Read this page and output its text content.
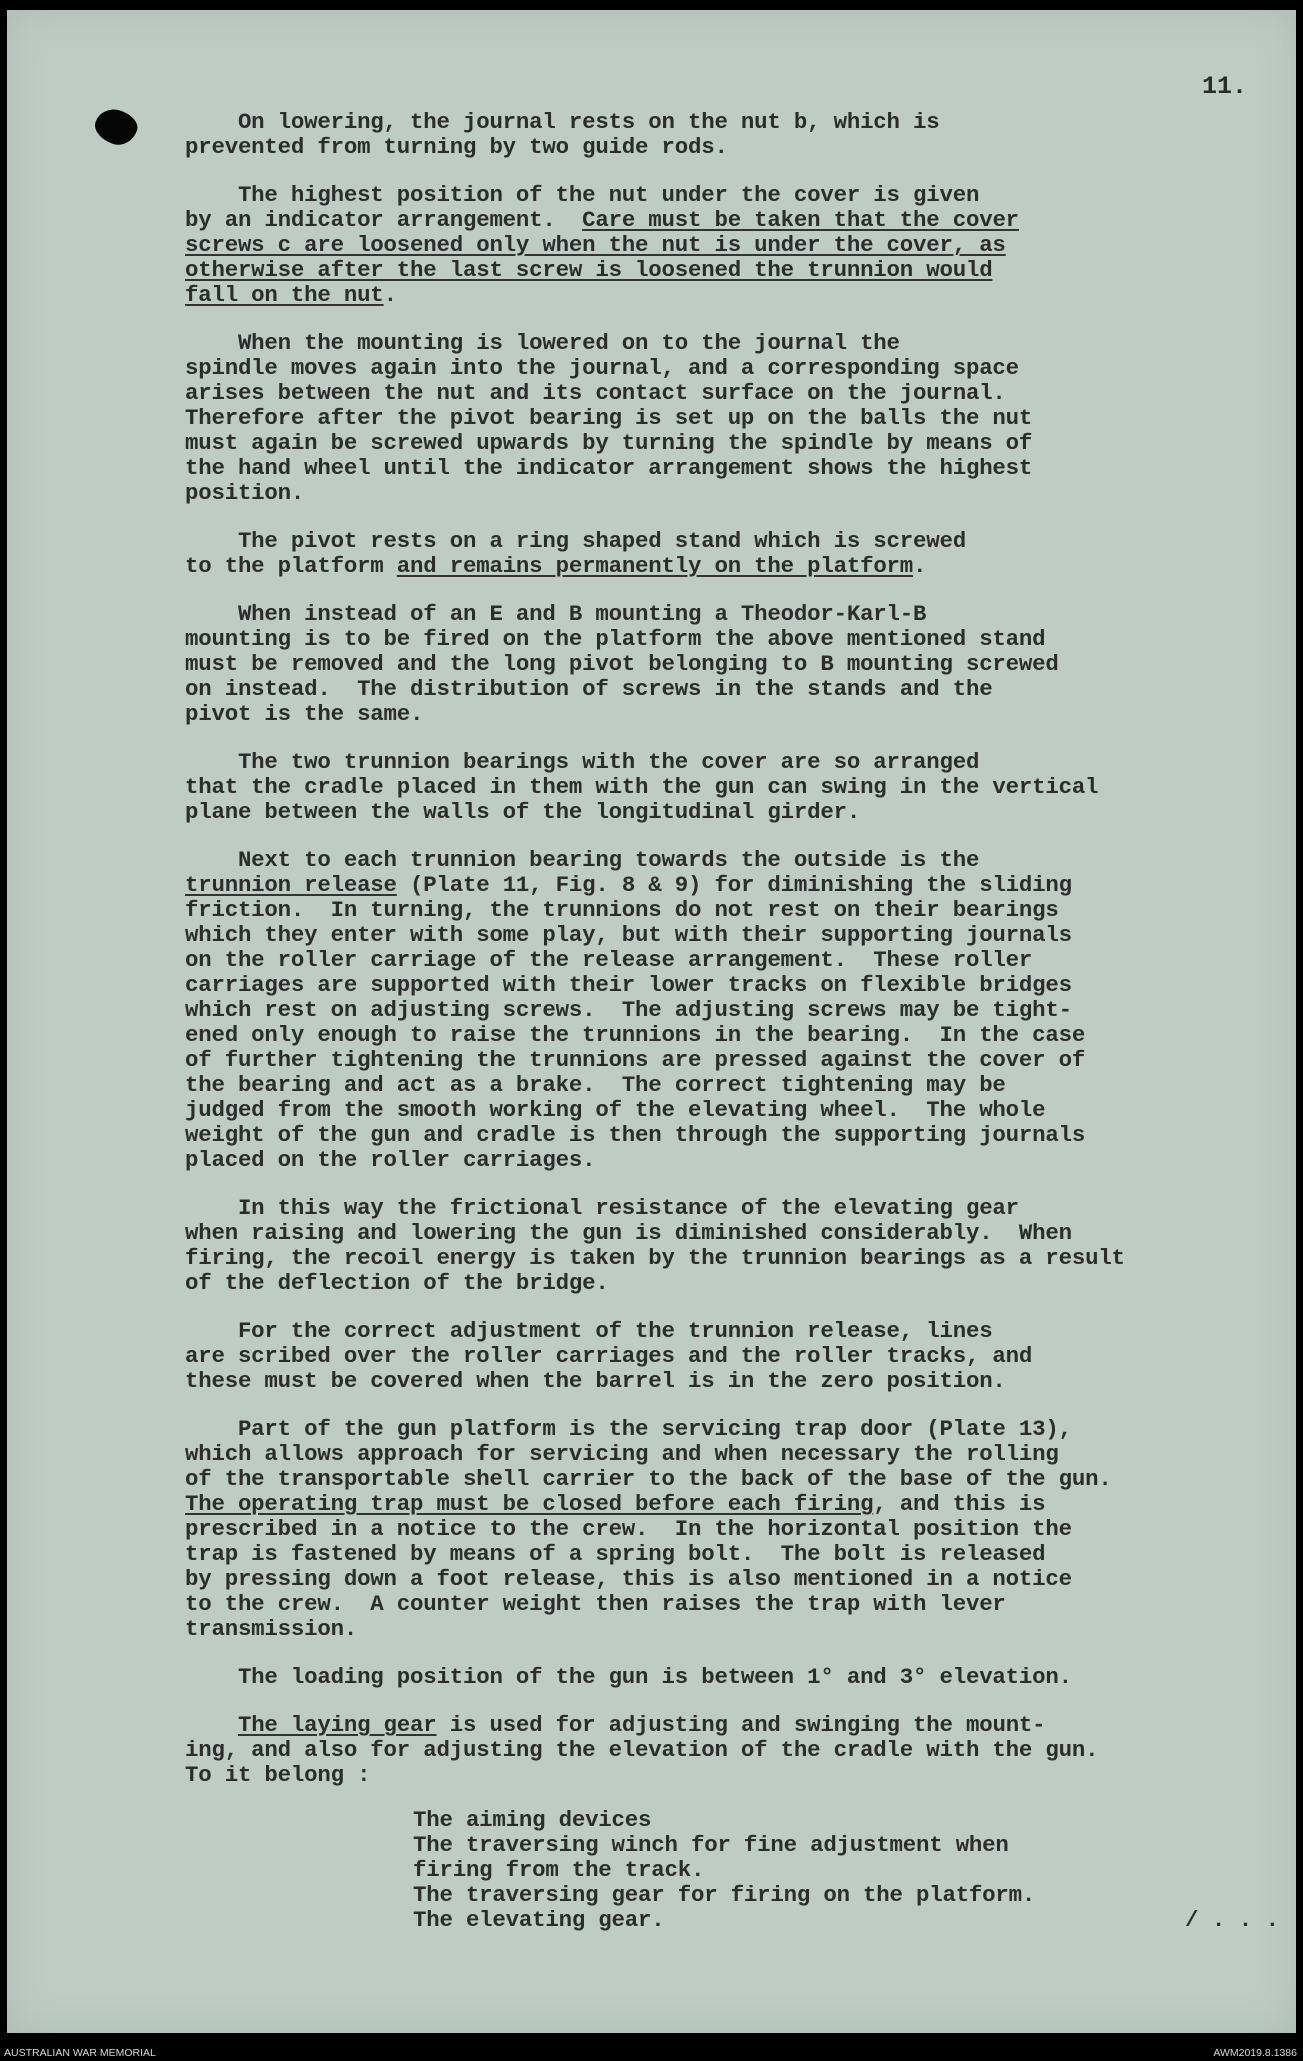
11.
On lowering, the journal rests on the nut b, which is
prevented from turning by two guide rods.
The highest position of the nut under the cover is given
by an indicator arrangement.  Care must be taken that the cover
screws c are loosened only when the nut is under the cover, as
otherwise after the last screw is loosened the trunnion would
fall on the nut.
When the mounting is lowered on to the journal the
spindle moves again into the journal, and a corresponding space
arises between the nut and its contact surface on the journal.
Therefore after the pivot bearing is set up on the balls the nut
must again be screwed upwards by turning the spindle by means of
the hand wheel until the indicator arrangement shows the highest
position.
The pivot rests on a ring shaped stand which is screwed
to the platform and remains permanently on the platform.
When instead of an E and B mounting a Theodor-Karl-B
mounting is to be fired on the platform the above mentioned stand
must be removed and the long pivot belonging to B mounting screwed
on instead.  The distribution of screws in the stands and the
pivot is the same.
The two trunnion bearings with the cover are so arranged
that the cradle placed in them with the gun can swing in the vertical
plane between the walls of the longitudinal girder.
Next to each trunnion bearing towards the outside is the
trunnion release (Plate 11, Fig. 8 & 9) for diminishing the sliding
friction.  In turning, the trunnions do not rest on their bearings
which they enter with some play, but with their supporting journals
on the roller carriage of the release arrangement.  These roller
carriages are supported with their lower tracks on flexible bridges
which rest on adjusting screws.  The adjusting screws may be tight-
ened only enough to raise the trunnions in the bearing.  In the case
of further tightening the trunnions are pressed against the cover of
the bearing and act as a brake.  The correct tightening may be
judged from the smooth working of the elevating wheel.  The whole
weight of the gun and cradle is then through the supporting journals
placed on the roller carriages.
In this way the frictional resistance of the elevating gear
when raising and lowering the gun is diminished considerably.  When
firing, the recoil energy is taken by the trunnion bearings as a result
of the deflection of the bridge.
For the correct adjustment of the trunnion release, lines
are scribed over the roller carriages and the roller tracks, and
these must be covered when the barrel is in the zero position.
Part of the gun platform is the servicing trap door (Plate 13),
which allows approach for servicing and when necessary the rolling
of the transportable shell carrier to the back of the base of the gun.
The operating trap must be closed before each firing, and this is
prescribed in a notice to the crew.  In the horizontal position the
trap is fastened by means of a spring bolt.  The bolt is released
by pressing down a foot release, this is also mentioned in a notice
to the crew.  A counter weight then raises the trap with lever
transmission.
The loading position of the gun is between 1° and 3° elevation.
The laying gear is used for adjusting and swinging the mount-
ing, and also for adjusting the elevation of the cradle with the gun.
To it belong :
The aiming devices
The traversing winch for fine adjustment when
firing from the track.
The traversing gear for firing on the platform.
The elevating gear.	/ . . .
AUSTRALIAN WAR MEMORIAL	AWM2019.8.1386
